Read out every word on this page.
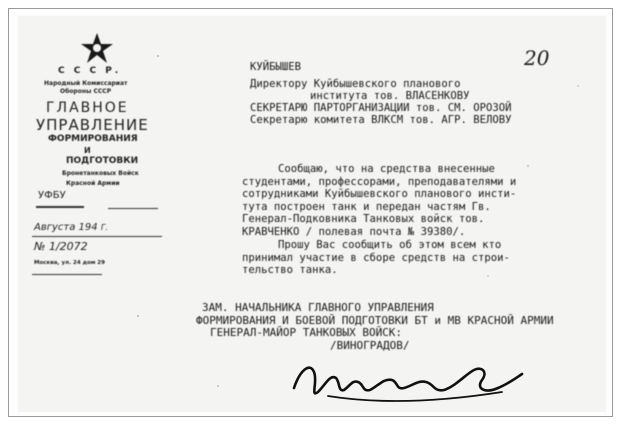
С С С Р.
Народный Комиссариат
Обороны СССР
ГЛАВНОЕ
УПРАВЛЕНИЕ
ФОРМИРОВАНИЯ
И
ПОДГОТОВКИ
Бронетанковых Войск
Красной Армии
УФБУ
Августа 194 Г.
№ 1/2072
Москва, ул. 24 дом 29
20
КУЙБЫШЕВ
Директору Куйбышевского планового
института тов. ВЛАСЕНКОВУ
СЕКРЕТАРЮ ПАРТОРГАНИЗАЦИИ тов. СМ. ОРОЗОЙ
Секретарю комитета ВЛКСМ тов. АГР. ВЕЛОВУ
Сообщаю, что на средства внесенные
студентами, профессорами, преподавателями и
сотрудниками Куйбышевского планового инсти-
тута построен танк и передан частям Гв.
Генерал-Подковника Танковых войск тов.
КРАВЧЕНКО / полевая почта № 39380/.
Прошу Вас сообщить об этом всем кто
принимал участие в сборе средств на строи-
тельство танка.
ЗАМ. НАЧАЛЬНИКА ГЛАВНОГО УПРАВЛЕНИЯ
ФОРМИРОВАНИЯ И БОЕВОЙ ПОДГОТОВКИ БТ и МВ КРАСНОЙ АРМИИ
ГЕНЕРАЛ-МАЙОР ТАНКОВЫХ ВОЙСК:
/ВИНОГРАДОВ/
